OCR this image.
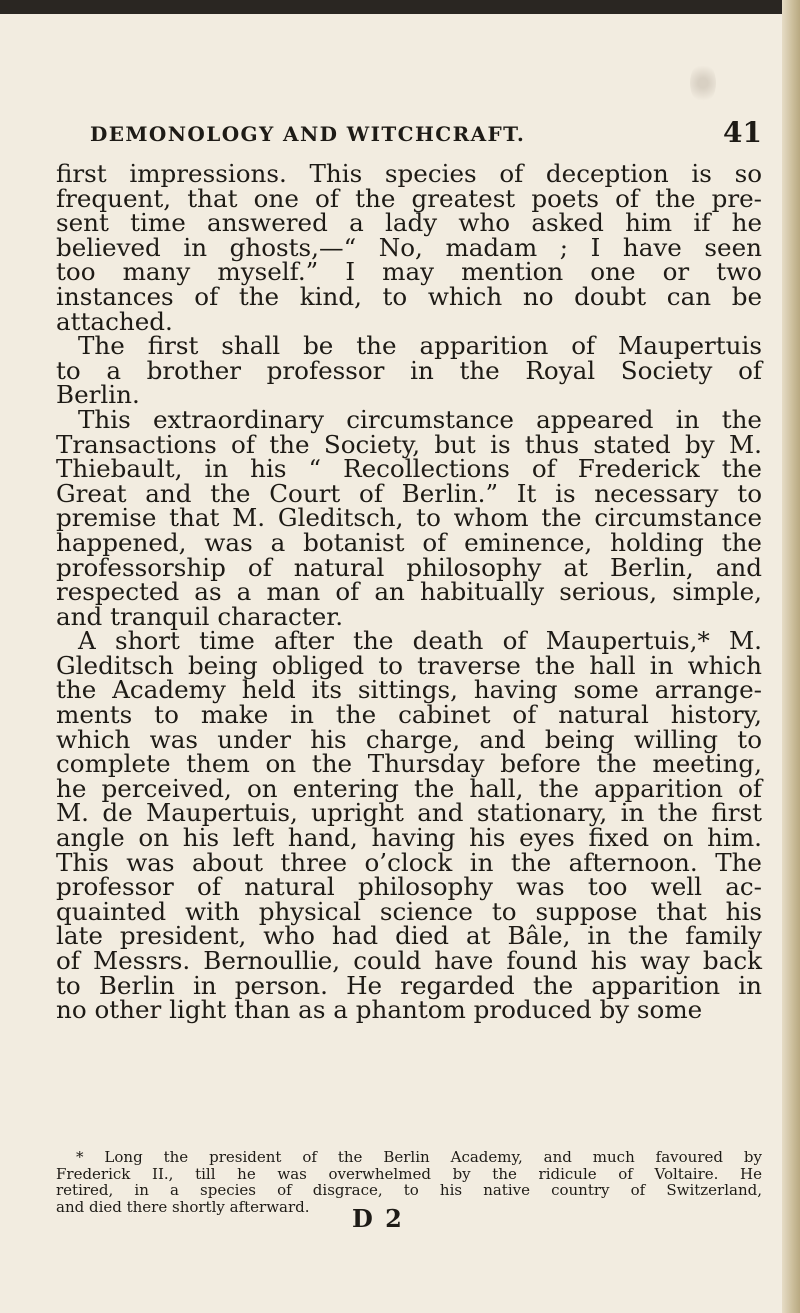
DEMONOLOGY AND WITCHCRAFT.	41
first impressions. This species of deception is so
frequent, that one of the greatest poets of the pre-
sent time answered a lady who asked him if he
believed in ghosts,—“ No, madam ; I have seen
too many myself.” I may mention one or two
instances of the kind, to which no doubt can be
attached.
The first shall be the apparition of Maupertuis
to a brother professor in the Royal Society of
Berlin.
This extraordinary circumstance appeared in the
Transactions of the Society, but is thus stated by M.
Thiebault, in his “ Recollections of Frederick the
Great and the Court of Berlin.” It is necessary to
premise that M. Gleditsch, to whom the circumstance
happened, was a botanist of eminence, holding the
professorship of natural philosophy at Berlin, and
respected as a man of an habitually serious, simple,
and tranquil character.
A short time after the death of Maupertuis,* M.
Gleditsch being obliged to traverse the hall in which
the Academy held its sittings, having some arrange-
ments to make in the cabinet of natural history,
which was under his charge, and being willing to
complete them on the Thursday before the meeting,
he perceived, on entering the hall, the apparition of
M. de Maupertuis, upright and stationary, in the first
angle on his left hand, having his eyes fixed on him.
This was about three o’clock in the afternoon. The
professor of natural philosophy was too well ac-
quainted with physical science to suppose that his
late president, who had died at Bâle, in the family
of Messrs. Bernoullie, could have found his way back
to Berlin in person. He regarded the apparition in
no other light than as a phantom produced by some
* Long the president of the Berlin Academy, and much favoured by
Frederick II., till he was overwhelmed by the ridicule of Voltaire. He
retired, in a species of disgrace, to his native country of Switzerland,
and died there shortly afterward.	D 2
